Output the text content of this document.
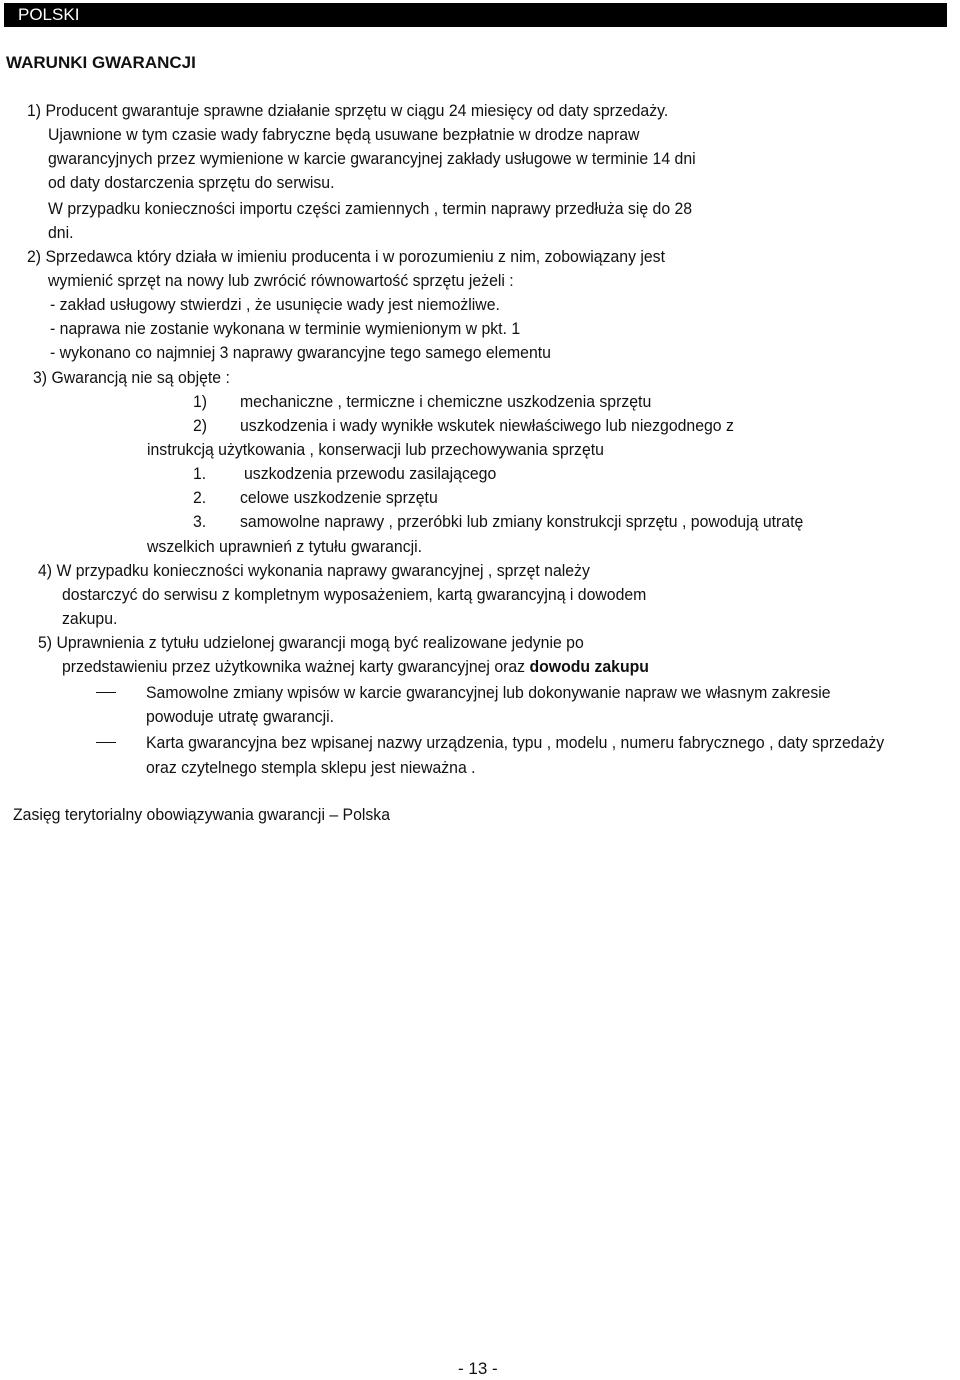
POLSKI
WARUNKI GWARANCJI
1) Producent gwarantuje sprawne działanie sprzętu w ciągu 24 miesięcy od daty sprzedaży.
Ujawnione w tym czasie wady fabryczne będą usuwane bezpłatnie w drodze napraw
gwarancyjnych przez wymienione w karcie gwarancyjnej zakłady usługowe w terminie 14 dni
od daty dostarczenia sprzętu do serwisu.
W przypadku konieczności importu części zamiennych , termin naprawy przedłuża się do 28
dni.
2) Sprzedawca który działa w imieniu producenta i w porozumieniu z nim, zobowiązany jest
wymienić sprzęt na nowy lub zwrócić równowartość sprzętu jeżeli :
- zakład usługowy stwierdzi , że usunięcie wady jest niemożliwe.
- naprawa nie zostanie wykonana w terminie wymienionym w pkt. 1
- wykonano co najmniej 3 naprawy gwarancyjne tego samego elementu
3) Gwarancją nie są objęte :
1) mechaniczne , termiczne i chemiczne uszkodzenia sprzętu
2) uszkodzenia i wady wynikłe wskutek niewłaściwego lub niezgodnego z
instrukcją użytkowania , konserwacji lub przechowywania sprzętu
1. uszkodzenia przewodu zasilającego
2. celowe uszkodzenie sprzętu
3. samowolne naprawy , przeróbki lub zmiany konstrukcji sprzętu , powodują utratę
wszelkich uprawnień z tytułu gwarancji.
4) W przypadku konieczności wykonania naprawy gwarancyjnej , sprzęt należy
dostarczyć do serwisu z kompletnym wyposażeniem, kartą gwarancyjną i dowodem
zakupu.
5) Uprawnienia z tytułu udzielonej gwarancji mogą być realizowane jedynie po
przedstawieniu przez użytkownika ważnej karty gwarancyjnej oraz dowodu zakupu
Samowolne zmiany wpisów w karcie gwarancyjnej lub dokonywanie napraw we własnym zakresie
powoduje utratę gwarancji.
Karta gwarancyjna bez wpisanej nazwy urządzenia, typu , modelu , numeru fabrycznego , daty sprzedaży
oraz czytelnego stempla sklepu jest nieważna .
Zasięg terytorialny obowiązywania gwarancji – Polska
- 13 -
